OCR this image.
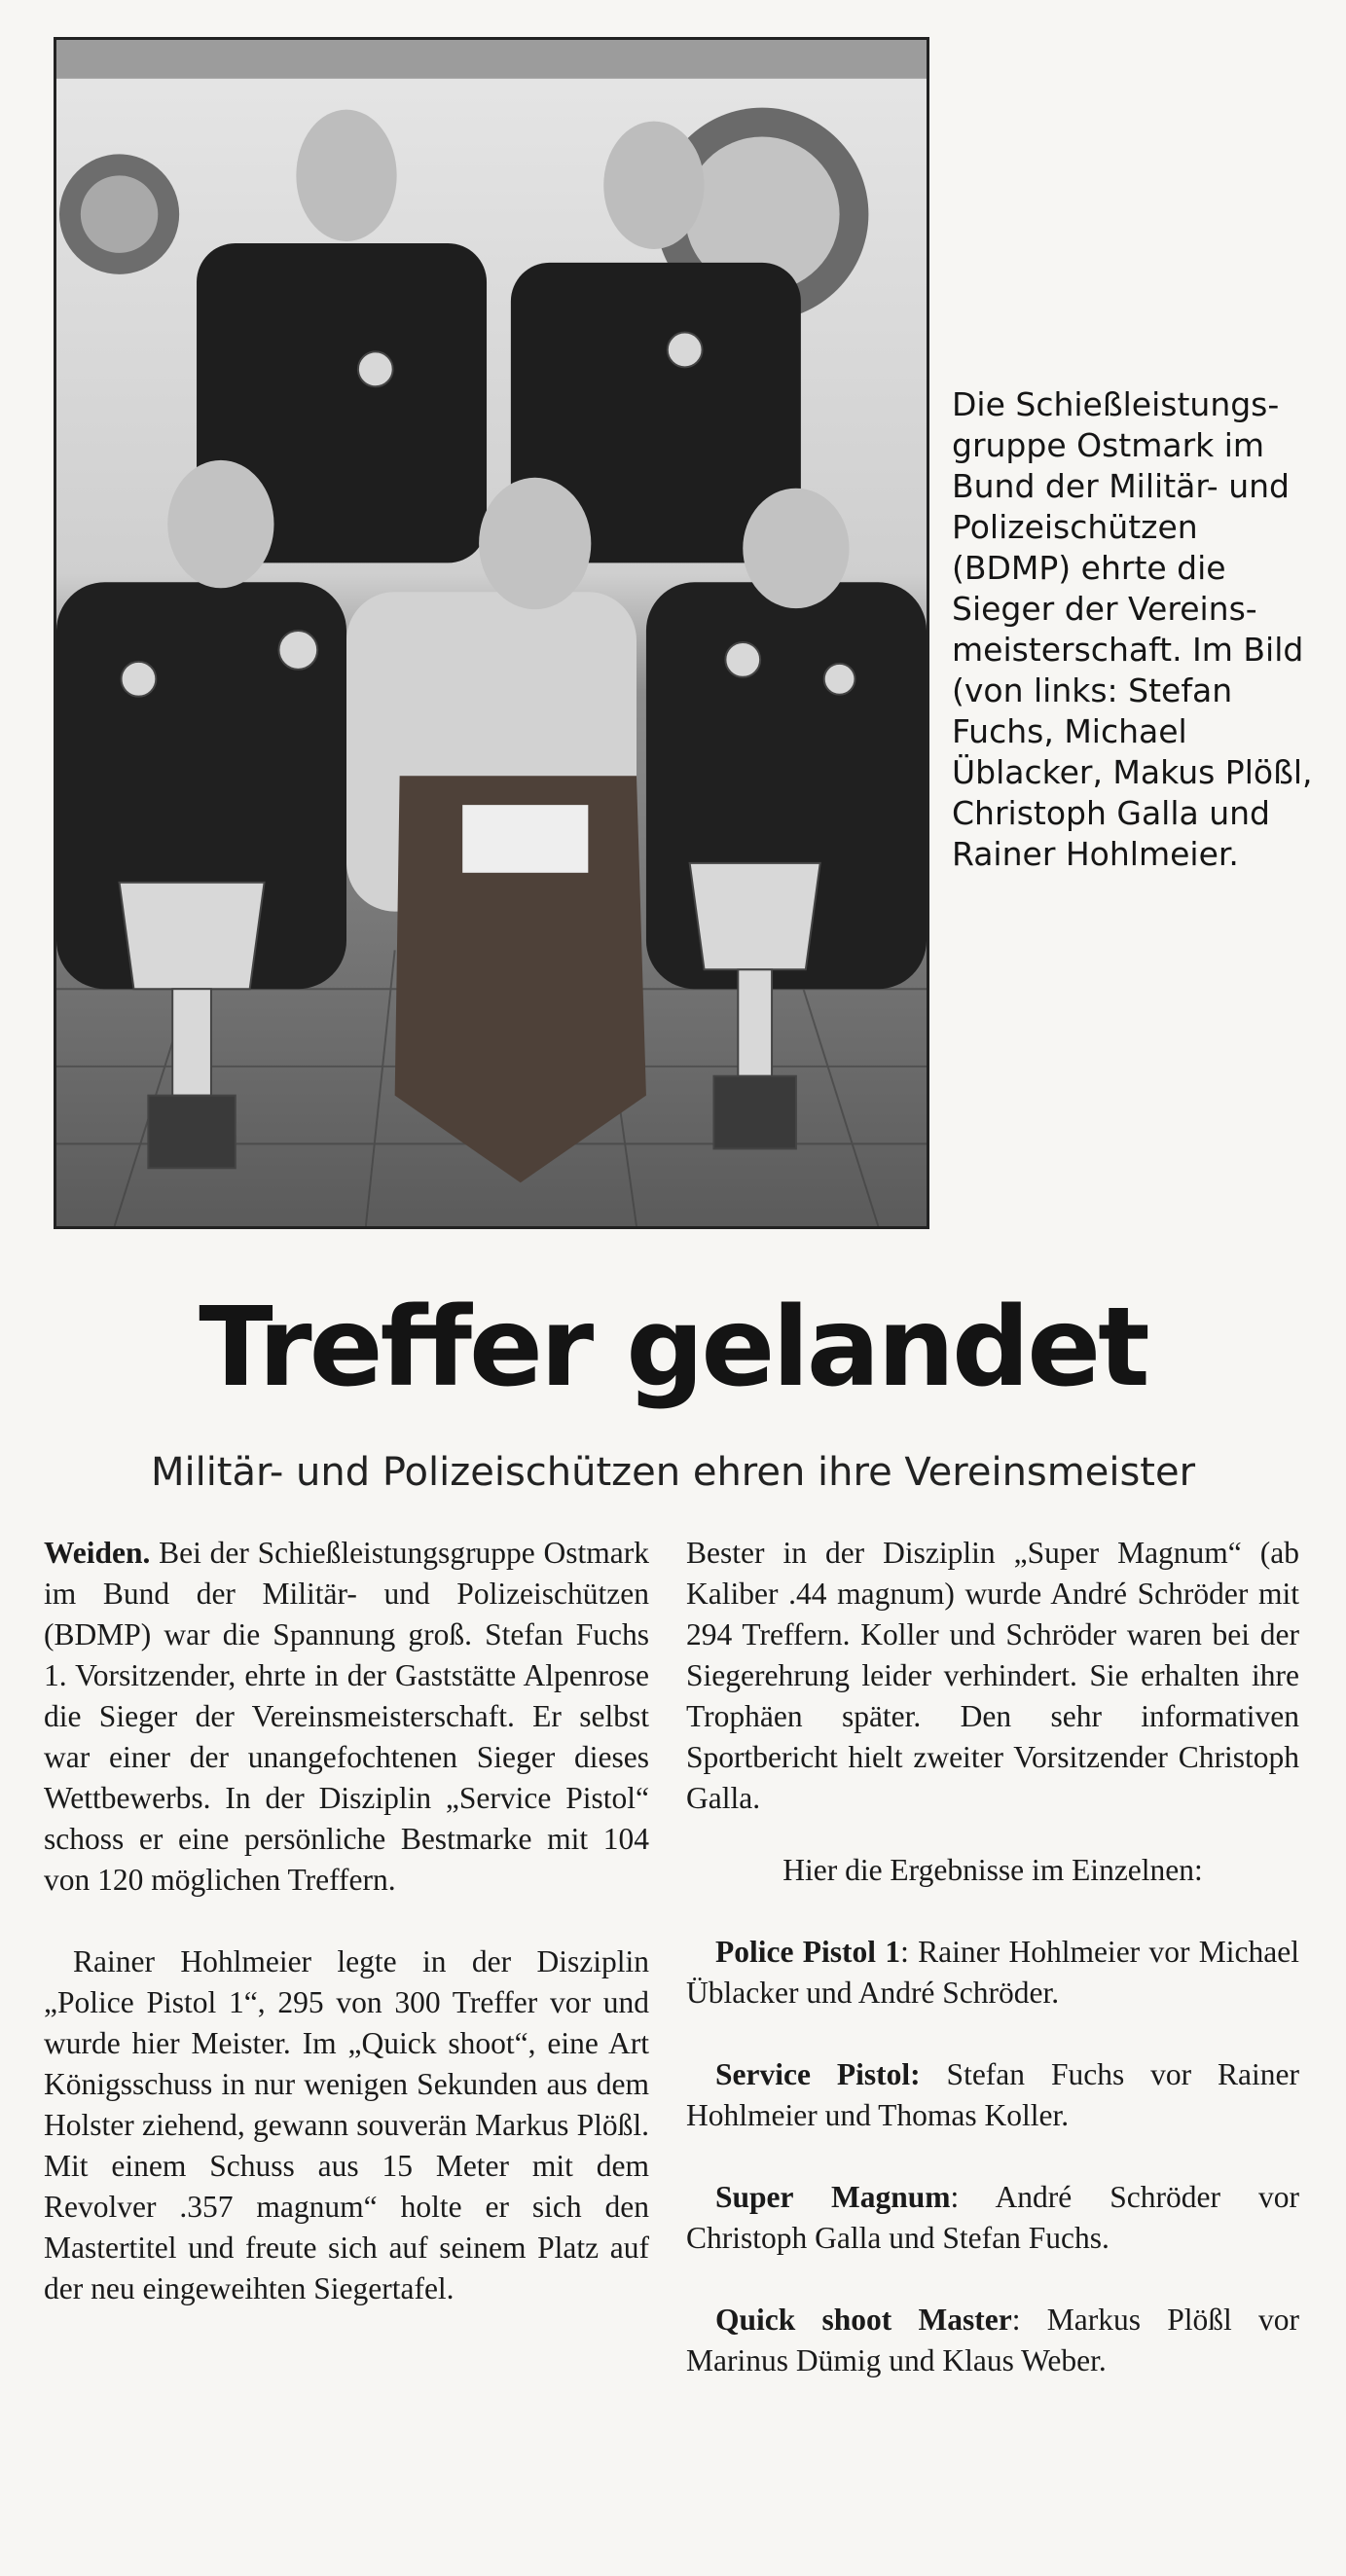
Die Schießleistungsgruppe Ostmark im Bund der Militär- und Polizeischützen (BDMP) ehrte die Sieger der Vereinsmeisterschaft. Im Bild (von links: Stefan Fuchs, Michael Üblacker, Makus Plößl, Christoph Galla und Rainer Hohlmeier.
Treffer gelandet
Militär- und Polizeischützen ehren ihre Vereinsmeister

Weiden. Bei der Schießleistungsgruppe Ostmark im Bund der Militär- und Polizeischützen (BDMP) war die Spannung groß. Stefan Fuchs 1. Vorsitzender, ehrte in der Gaststätte Alpenrose die Sieger der Vereinsmeisterschaft. Er selbst war einer der unangefochtenen Sieger dieses Wettbewerbs. In der Disziplin „Service Pistol“ schoss er eine persönliche Bestmarke mit 104 von 120 möglichen Treffern.

Rainer Hohlmeier legte in der Disziplin „Police Pistol 1“, 295 von 300 Treffer vor und wurde hier Meister. Im „Quick shoot“, eine Art Königsschuss in nur wenigen Sekunden aus dem Holster ziehend, gewann souverän Markus Plößl. Mit einem Schuss aus 15 Meter mit dem Revolver .357 magnum“ holte er sich den Mastertitel und freute sich auf seinem Platz auf der neu eingeweihten Siegertafel.

Bester in der Disziplin „Super Magnum“ (ab Kaliber .44 magnum) wurde André Schröder mit 294 Treffern. Koller und Schröder waren bei der Siegerehrung leider verhindert. Sie erhalten ihre Trophäen später. Den sehr informativen Sportbericht hielt zweiter Vorsitzender Christoph Galla.

Hier die Ergebnisse im Einzelnen:

Police Pistol 1: Rainer Hohlmeier vor Michael Üblacker und André Schröder.

Service Pistol: Stefan Fuchs vor Rainer Hohlmeier und Thomas Koller.

Super Magnum: André Schröder vor Christoph Galla und Stefan Fuchs.

Quick shoot Master: Markus Plößl vor Marinus Dümig und Klaus Weber.
